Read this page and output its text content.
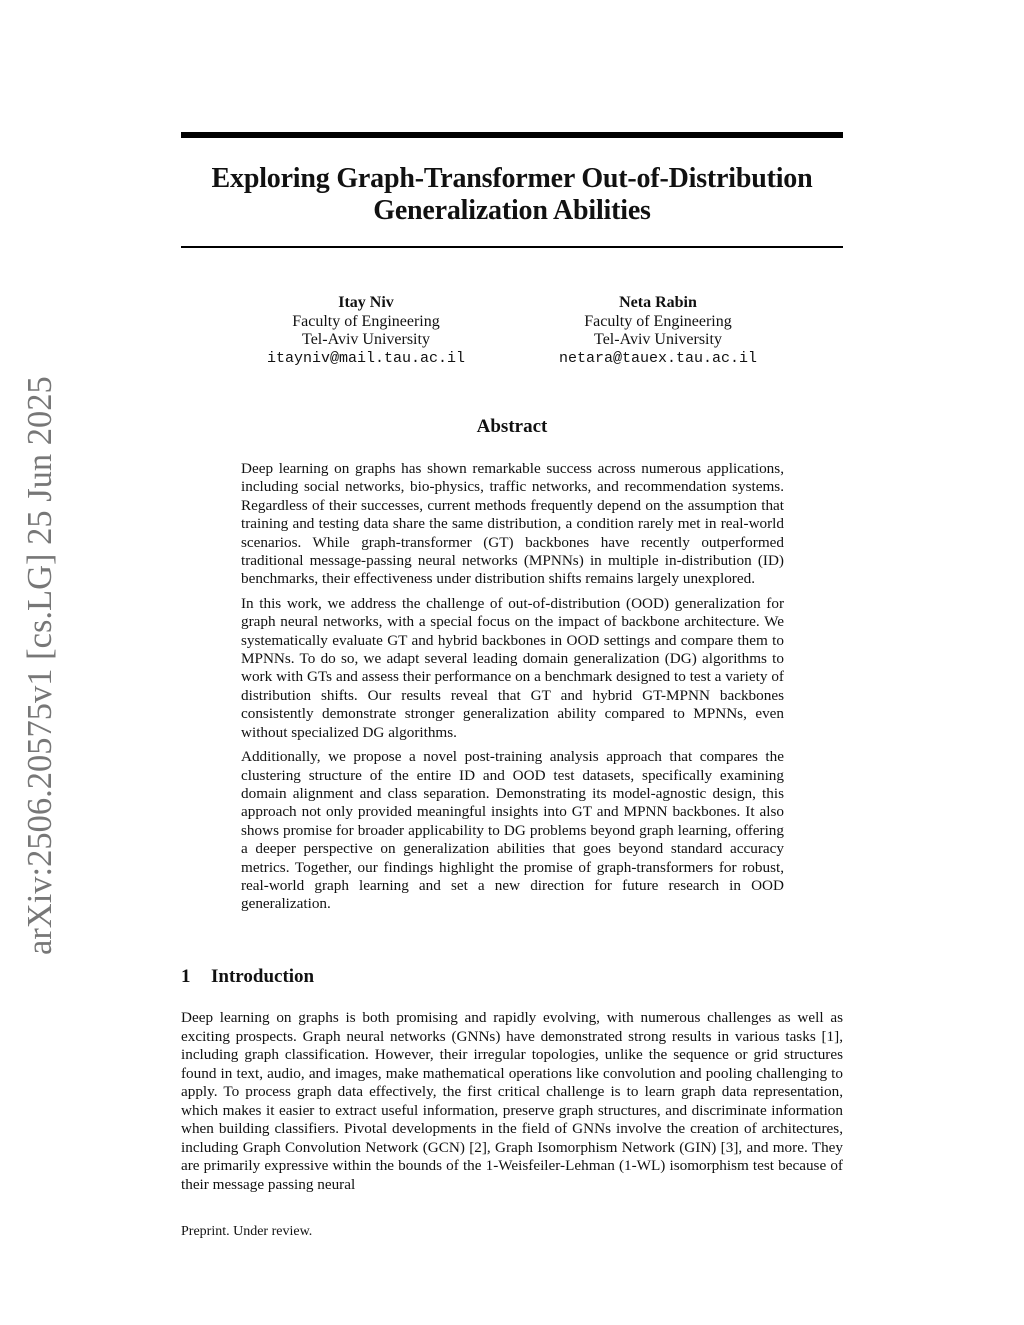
arXiv:2506.20575v1 [cs.LG] 25 Jun 2025
Exploring Graph-Transformer Out-of-Distribution
Generalization Abilities
Itay Niv
Faculty of Engineering
Tel-Aviv University
itayniv@mail.tau.ac.il
Neta Rabin
Faculty of Engineering
Tel-Aviv University
netara@tauex.tau.ac.il
Abstract

Deep learning on graphs has shown remarkable success across numerous applications, including social networks, bio-physics, traffic networks, and recommendation systems. Regardless of their successes, current methods frequently depend on the assumption that training and testing data share the same distribution, a condition rarely met in real-world scenarios. While graph-transformer (GT) backbones have recently outperformed traditional message-passing neural networks (MPNNs) in multiple in-distribution (ID) benchmarks, their effectiveness under distribution shifts remains largely unexplored.

In this work, we address the challenge of out-of-distribution (OOD) generalization for graph neural networks, with a special focus on the impact of backbone architecture. We systematically evaluate GT and hybrid backbones in OOD settings and compare them to MPNNs. To do so, we adapt several leading domain generalization (DG) algorithms to work with GTs and assess their performance on a benchmark designed to test a variety of distribution shifts. Our results reveal that GT and hybrid GT-MPNN backbones consistently demonstrate stronger generalization ability compared to MPNNs, even without specialized DG algorithms.

Additionally, we propose a novel post-training analysis approach that compares the clustering structure of the entire ID and OOD test datasets, specifically examining domain alignment and class separation. Demonstrating its model-agnostic design, this approach not only provided meaningful insights into GT and MPNN backbones. It also shows promise for broader applicability to DG problems beyond graph learning, offering a deeper perspective on generalization abilities that goes beyond standard accuracy metrics. Together, our findings highlight the promise of graph-transformers for robust, real-world graph learning and set a new direction for future research in OOD generalization.

1 Introduction

Deep learning on graphs is both promising and rapidly evolving, with numerous challenges as well as exciting prospects. Graph neural networks (GNNs) have demonstrated strong results in various tasks [1], including graph classification. However, their irregular topologies, unlike the sequence or grid structures found in text, audio, and images, make mathematical operations like convolution and pooling challenging to apply. To process graph data effectively, the first critical challenge is to learn graph data representation, which makes it easier to extract useful information, preserve graph structures, and discriminate information when building classifiers. Pivotal developments in the field of GNNs involve the creation of architectures, including Graph Convolution Network (GCN) [2], Graph Isomorphism Network (GIN) [3], and more. They are primarily expressive within the bounds of the 1-Weisfeiler-Lehman (1-WL) isomorphism test because of their message passing neural

Preprint. Under review.
